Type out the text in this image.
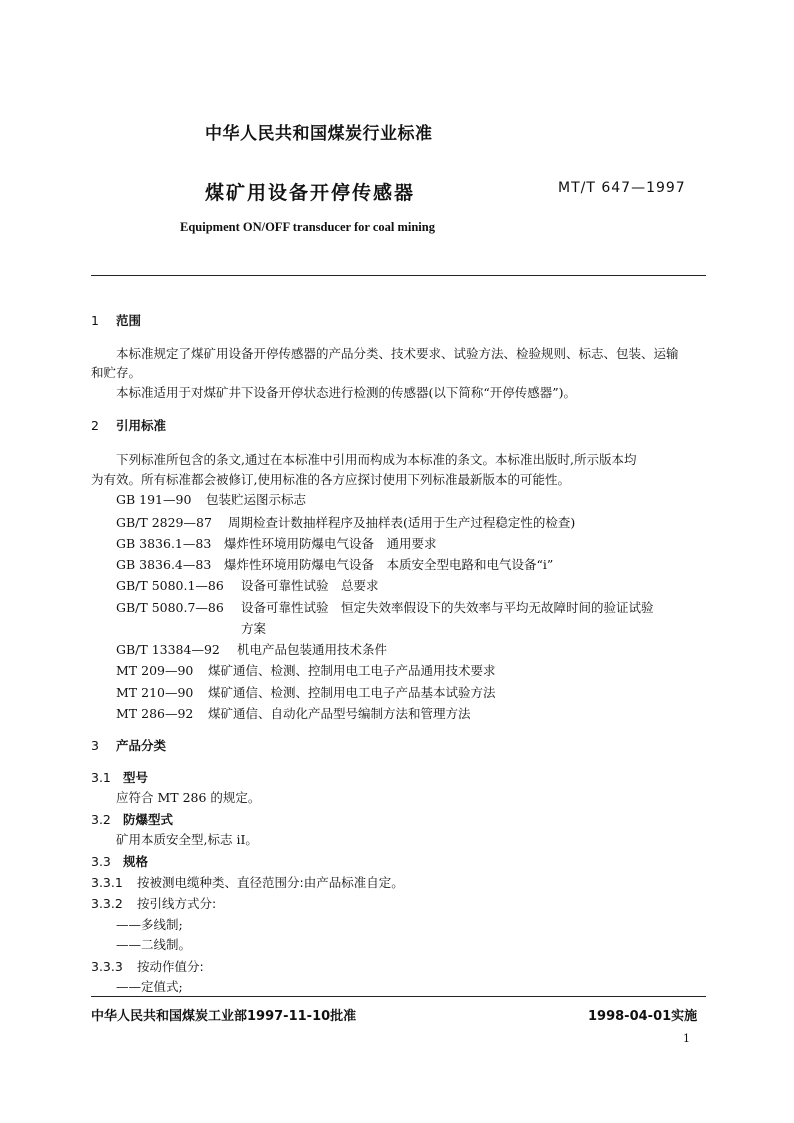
中华人民共和国煤炭行业标准
煤矿用设备开停传感器	MT/T 647—1997
Equipment ON/OFF transducer for coal mining
1 范围
本标准规定了煤矿用设备开停传感器的产品分类、技术要求、试验方法、检验规则、标志、包装、运输
和贮存。
本标准适用于对煤矿井下设备开停状态进行检测的传感器(以下简称“开停传感器”)。
2 引用标准
下列标准所包含的条文,通过在本标准中引用而构成为本标准的条文。本标准出版时,所示版本均
为有效。所有标准都会被修订,使用标准的各方应探讨使用下列标准最新版本的可能性。
GB 191—90 包装贮运图示标志
GB/T 2829—87 周期检查计数抽样程序及抽样表(适用于生产过程稳定性的检查)
GB 3836.1—83 爆炸性环境用防爆电气设备　通用要求
GB 3836.4—83 爆炸性环境用防爆电气设备　本质安全型电路和电气设备“i”
GB/T 5080.1—86 设备可靠性试验　总要求
GB/T 5080.7—86 设备可靠性试验　恒定失效率假设下的失效率与平均无故障时间的验证试验
方案
GB/T 13384—92 机电产品包装通用技术条件
MT 209—90 煤矿通信、检测、控制用电工电子产品通用技术要求
MT 210—90 煤矿通信、检测、控制用电工电子产品基本试验方法
MT 286—92 煤矿通信、自动化产品型号编制方法和管理方法
3 产品分类
3.1 型号
应符合 MT 286 的规定。
3.2 防爆型式
矿用本质安全型,标志 iI。
3.3 规格
3.3.1 按被测电缆种类、直径范围分:由产品标准自定。
3.3.2 按引线方式分:
——多线制;
——二线制。
3.3.3 按动作值分:
——定值式;
中华人民共和国煤炭工业部1997-11-10批准	1998-04-01实施
1
